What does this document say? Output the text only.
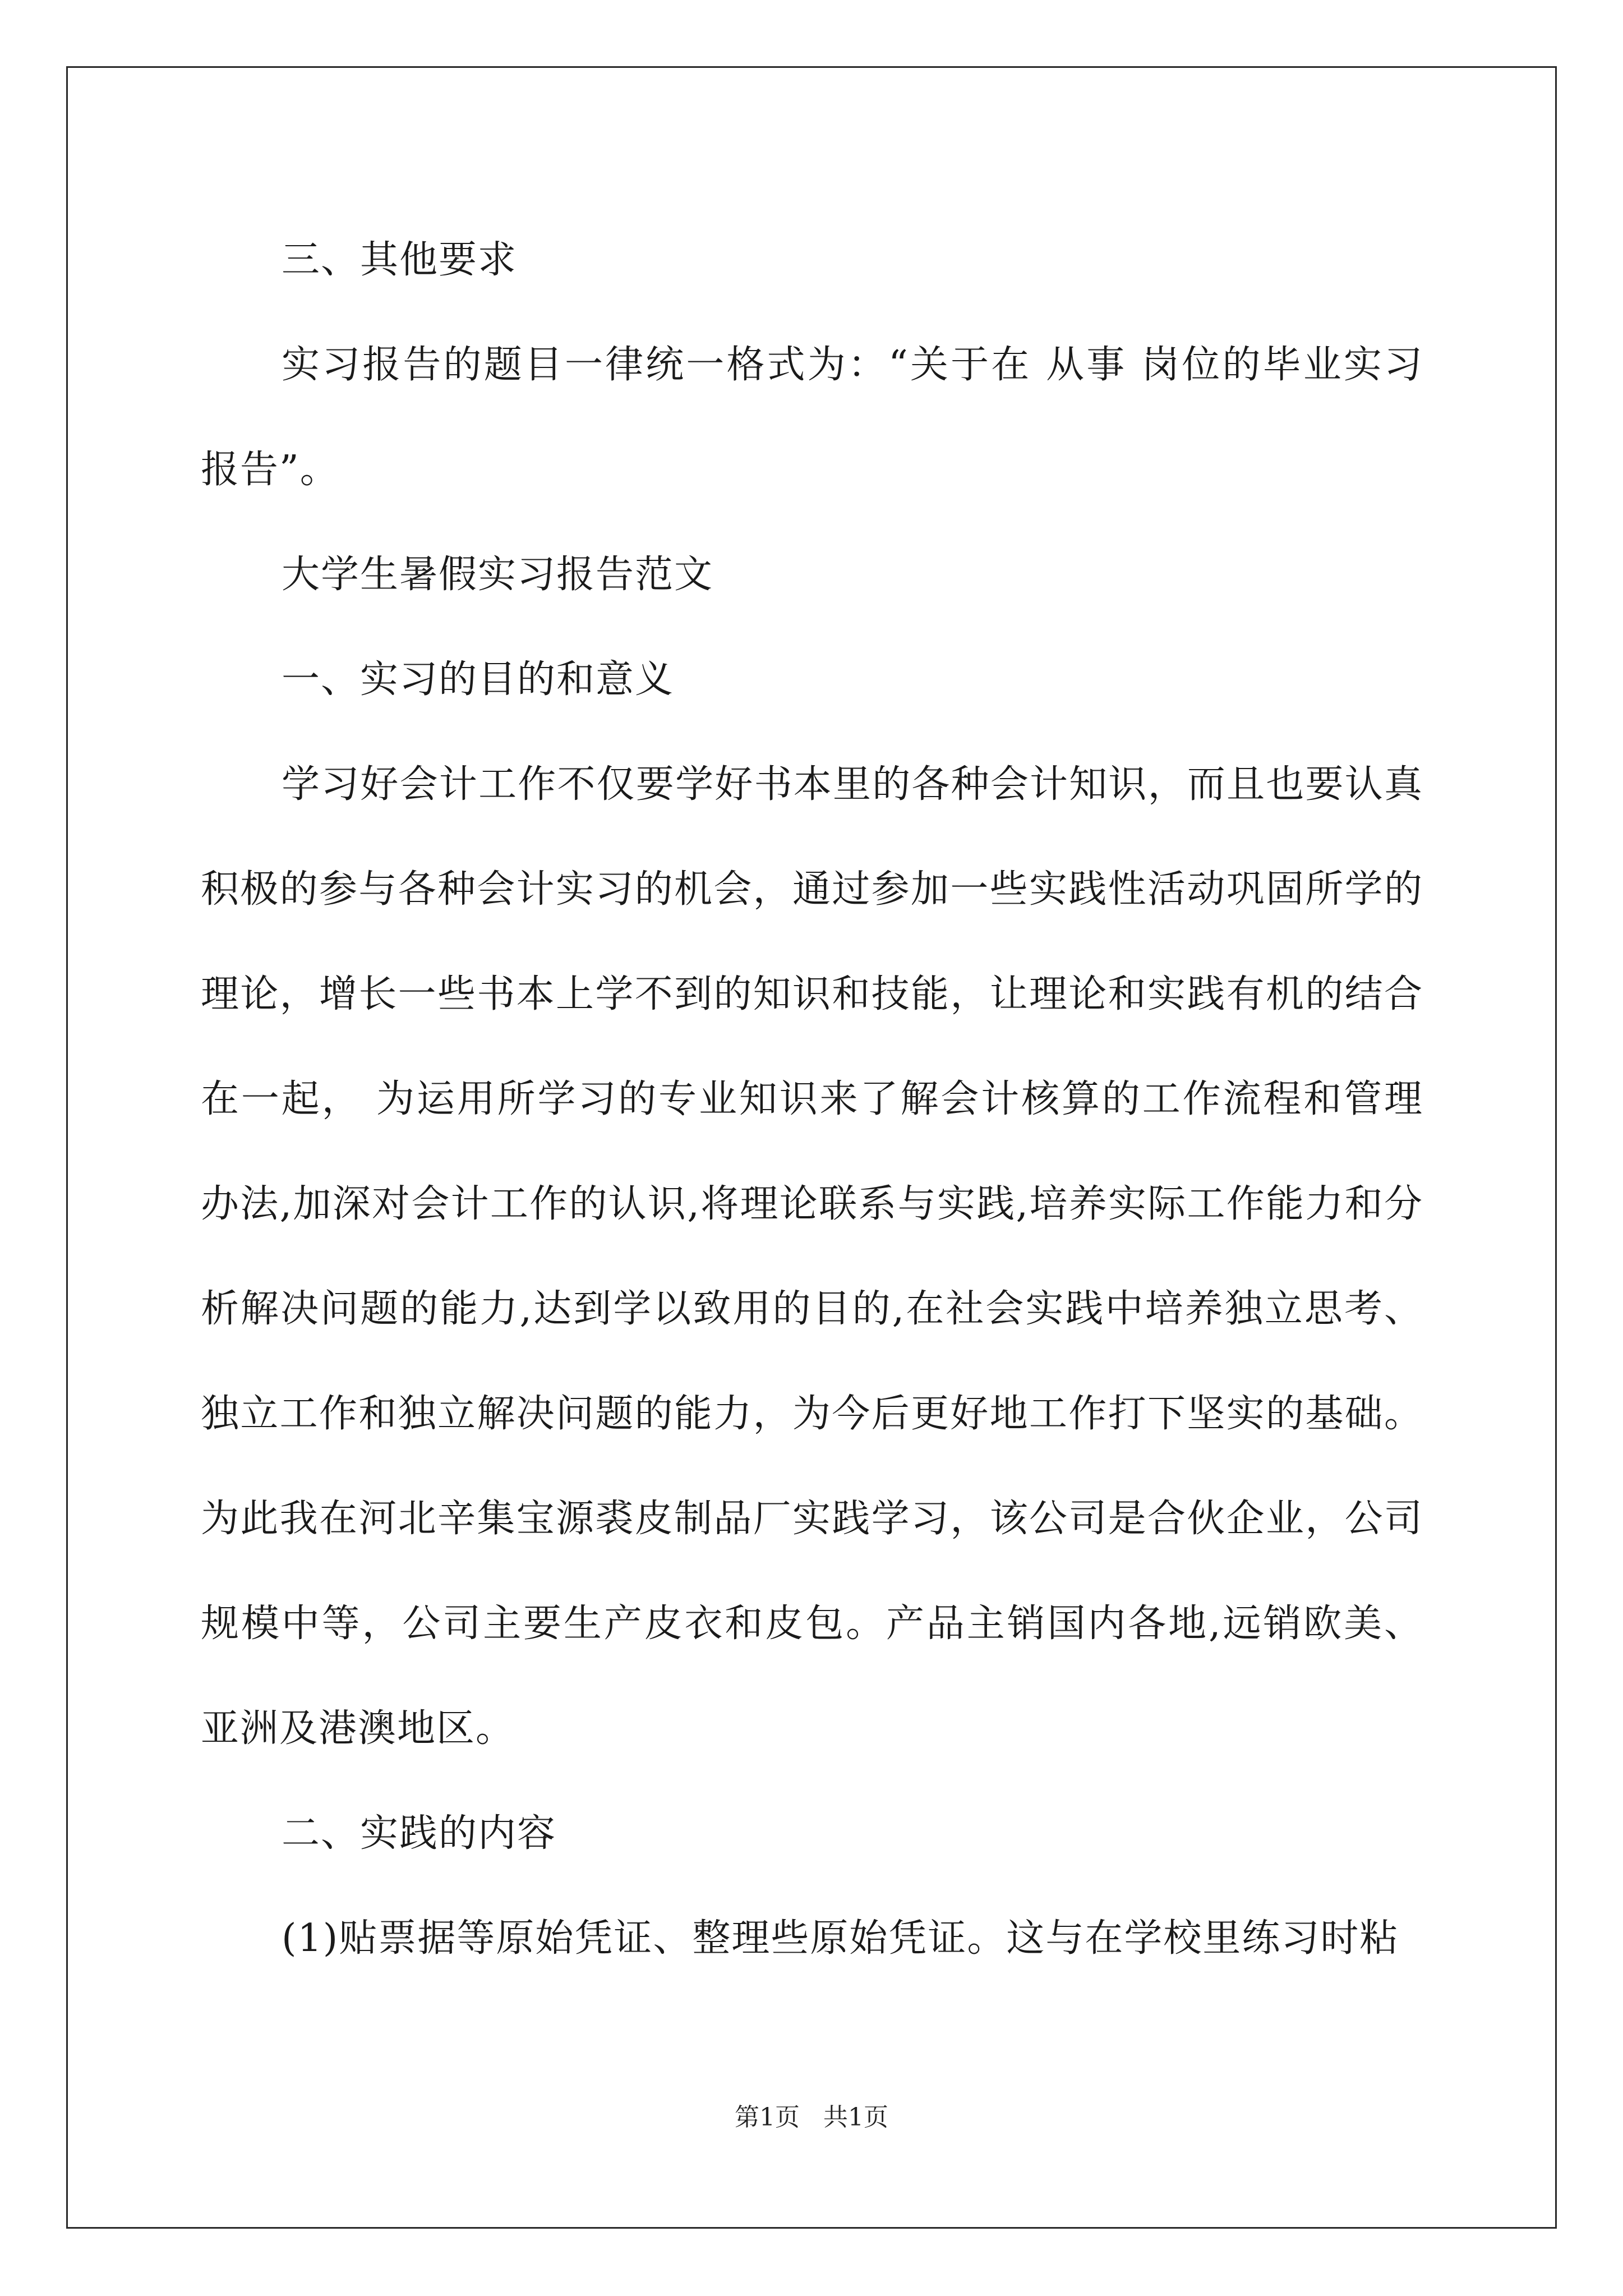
三、其他要求

实习报告的题目一律统一格式为：“关于在 从事 岗位的毕业实习报告”。

大学生暑假实习报告范文

一、实习的目的和意义

学习好会计工作不仅要学好书本里的各种会计知识，而且也要认真积极的参与各种会计实习的机会，通过参加一些实践性活动巩固所学的理论，增长一些书本上学不到的知识和技能，让理论和实践有机的结合在一起， 为运用所学习的专业知识来了解会计核算的工作流程和管理办法,加深对会计工作的认识,将理论联系与实践,培养实际工作能力和分析解决问题的能力,达到学以致用的目的,在社会实践中培养独立思考、独立工作和独立解决问题的能力，为今后更好地工作打下坚实的基础。为此我在河北辛集宝源裘皮制品厂实践学习，该公司是合伙企业，公司规模中等，公司主要生产皮衣和皮包。产品主销国内各地,远销欧美、亚洲及港澳地区。

二、实践的内容

(1)贴票据等原始凭证、整理些原始凭证。这与在学校里练习时粘

第1页 共1页
